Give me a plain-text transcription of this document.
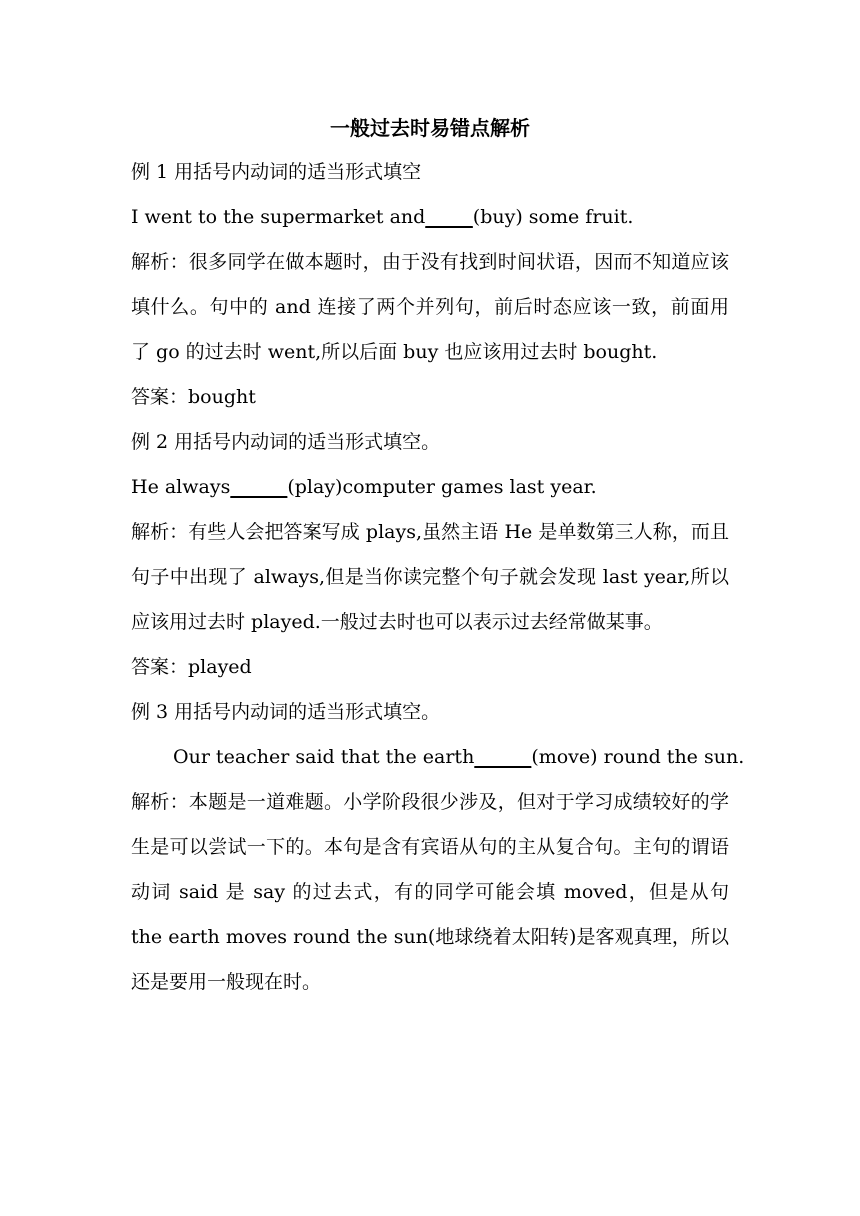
一般过去时易错点解析
例 1 用括号内动词的适当形式填空
I went to the supermarket and_____(buy) some fruit.
解析：很多同学在做本题时，由于没有找到时间状语，因而不知道应该填什么。句中的 and 连接了两个并列句，前后时态应该一致，前面用了 go 的过去时 went,所以后面 buy 也应该用过去时 bought.
答案：bought
例 2 用括号内动词的适当形式填空。
He always______(play)computer games last year.
解析：有些人会把答案写成 plays,虽然主语 He 是单数第三人称，而且句子中出现了 always,但是当你读完整个句子就会发现 last year,所以应该用过去时 played.一般过去时也可以表示过去经常做某事。
答案：played
例 3 用括号内动词的适当形式填空。
Our teacher said that the earth______(move) round the sun.
解析：本题是一道难题。小学阶段很少涉及，但对于学习成绩较好的学生是可以尝试一下的。本句是含有宾语从句的主从复合句。主句的谓语动词 said 是 say 的过去式，有的同学可能会填 moved，但是从句 the earth moves round the sun(地球绕着太阳转)是客观真理，所以还是要用一般现在时。
